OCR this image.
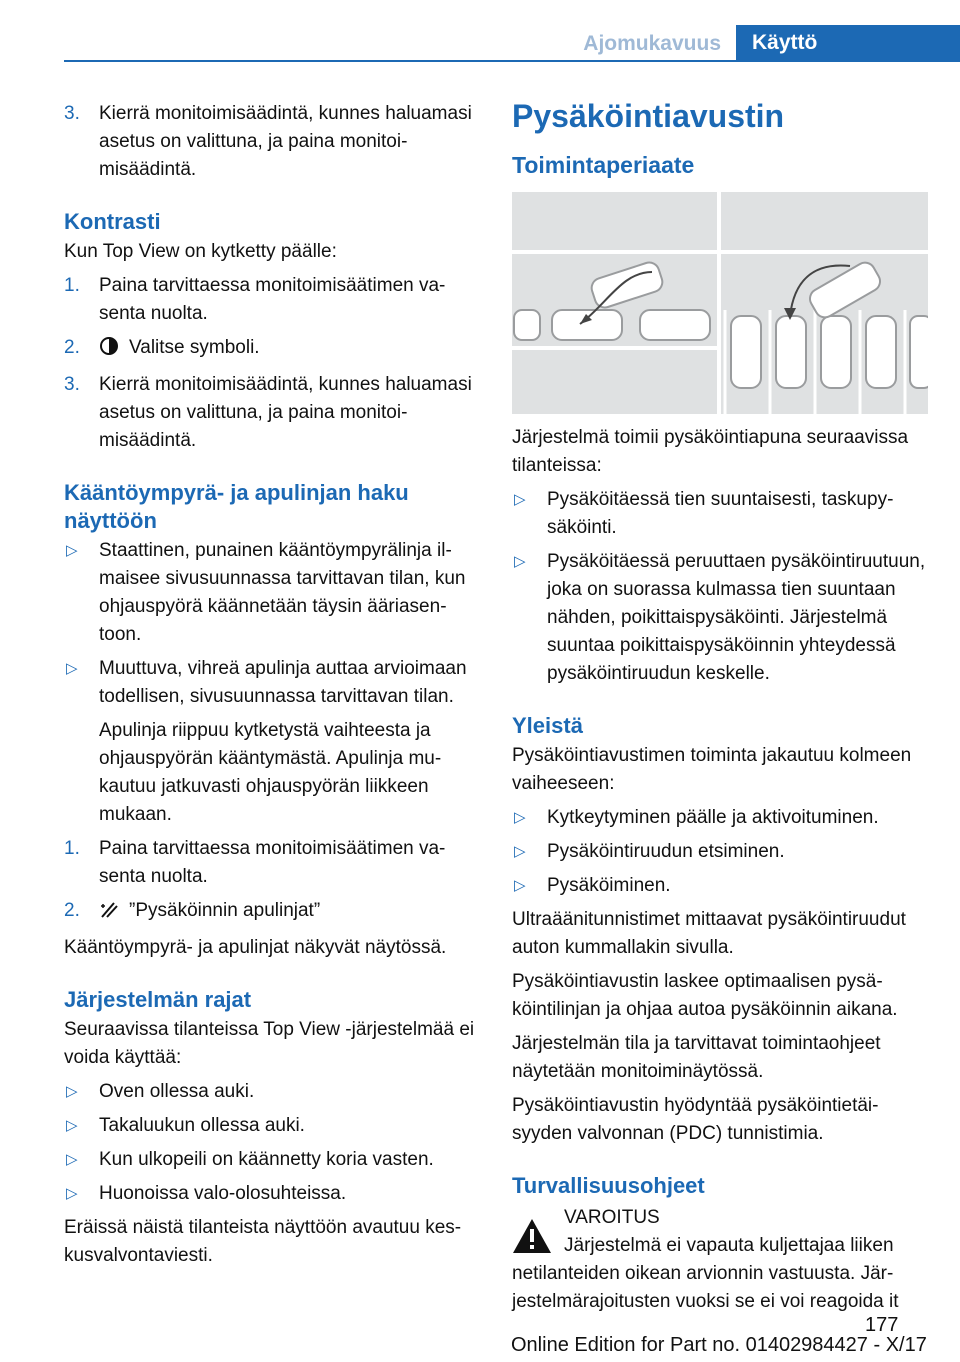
Ajomukavuus	Käyttö
3. Kierrä monitoimisäädintä, kunnes haluamasi asetus on valittuna, ja paina monitoimisäädintä.
Kontrasti
Kun Top View on kytketty päälle:
1. Paina tarvittaessa monitoimisäätimen vasenta nuolta.
2.	Valitse symboli.
3. Kierrä monitoimisäädintä, kunnes haluamasi asetus on valittuna, ja paina monitoimisäädintä.
Kääntöympyrä- ja apulinjan haku näyttöön
▷ Staattinen, punainen kääntöympyrälinja ilmaisee sivusuunnassa tarvittavan tilan, kun ohjauspyörä käännetään täysin ääriasentoon.
▷ Muuttuva, vihreä apulinja auttaa arvioimaan todellisen, sivusuunnassa tarvittavan tilan.
Apulinja riippuu kytketystä vaihteesta ja ohjauspyörän kääntymästä. Apulinja mukautuu jatkuvasti ohjauspyörän liikkeen mukaan.
1. Paina tarvittaessa monitoimisäätimen vasenta nuolta.
2.	”Pysäköinnin apulinjat”
Kääntöympyrä- ja apulinjat näkyvät näytössä.
Järjestelmän rajat
Seuraavissa tilanteissa Top View -järjestelmää ei voida käyttää:
▷ Oven ollessa auki.
▷ Takaluukun ollessa auki.
▷ Kun ulkopeili on käännetty koria vasten.
▷ Huonoissa valo-olosuhteissa.
Eräissä näistä tilanteista näyttöön avautuu keskusvalvontaviesti.
Pysäköintiavustin
Toimintaperiaate
Järjestelmä toimii pysäköintiapuna seuraavissa tilanteissa:
▷ Pysäköitäessä tien suuntaisesti, taskupysäköinti.
▷ Pysäköitäessä peruuttaen pysäköintiruutuun, joka on suorassa kulmassa tien suuntaan nähden, poikittaispysäköinti. Järjestelmä suuntaa poikittaispysäköinnin yhteydessä pysäköintiruudun keskelle.
Yleistä
Pysäköintiavustimen toiminta jakautuu kolmeen vaiheeseen:
▷ Kytkeytyminen päälle ja aktivoituminen.
▷ Pysäköintiruudun etsiminen.
▷ Pysäköiminen.
Ultraäänitunnistimet mittaavat pysäköintiruudut auton kummallakin sivulla.
Pysäköintiavustin laskee optimaalisen pysäköintilinjan ja ohjaa autoa pysäköinnin aikana.
Järjestelmän tila ja tarvittavat toimintaohjeet näytetään monitoiminäytössä.
Pysäköintiavustin hyödyntää pysäköintietäisyyden valvonnan (PDC) tunnistimia.
Turvallisuusohjeet
VAROITUS
Järjestelmä ei vapauta kuljettajaa liiken
netilanteiden oikean arvionnin vastuusta. Järjestelmärajoitusten vuoksi se ei voi reagoida it
177
Online Edition for Part no. 01402984427 - X/17
